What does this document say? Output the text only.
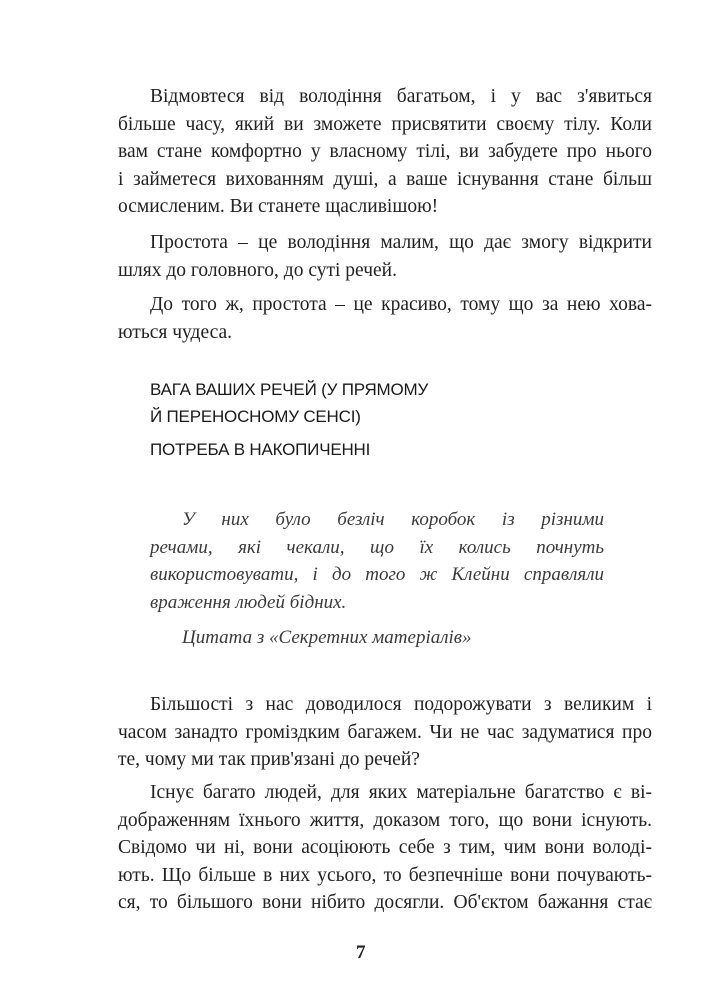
Відмовтеся від володіння багатьом, і у вас з'явиться
більше часу, який ви зможете присвятити своєму тілу. Коли
вам стане комфортно у власному тілі, ви забудете про нього
і займетеся вихованням душі, а ваше існування стане більш
осмисленим. Ви станете щасливішою!
Простота – це володіння малим, що дає змогу відкрити
шлях до головного, до суті речей.
До того ж, простота – це красиво, тому що за нею хова-
ються чудеса.
ВАГА ВАШИХ РЕЧЕЙ (У ПРЯМОМУ
Й ПЕРЕНОСНОМУ СЕНСІ)
ПОТРЕБА В НАКОПИЧЕННІ
У них було безліч коробок із різними
речами, які чекали, що їх колись почнуть
використовувати, і до того ж Клейни справляли
враження людей бідних.
Цитата з «Секретних матеріалів»
Більшості з нас доводилося подорожувати з великим і
часом занадто громіздким багажем. Чи не час задуматися про
те, чому ми так прив'язані до речей?
Існує багато людей, для яких матеріальне багатство є ві-
дображенням їхнього життя, доказом того, що вони існують.
Свідомо чи ні, вони асоціюють себе з тим, чим вони володі-
ють. Що більше в них усього, то безпечніше вони почувають-
ся, то більшого вони нібито досягли. Об'єктом бажання стає
7
